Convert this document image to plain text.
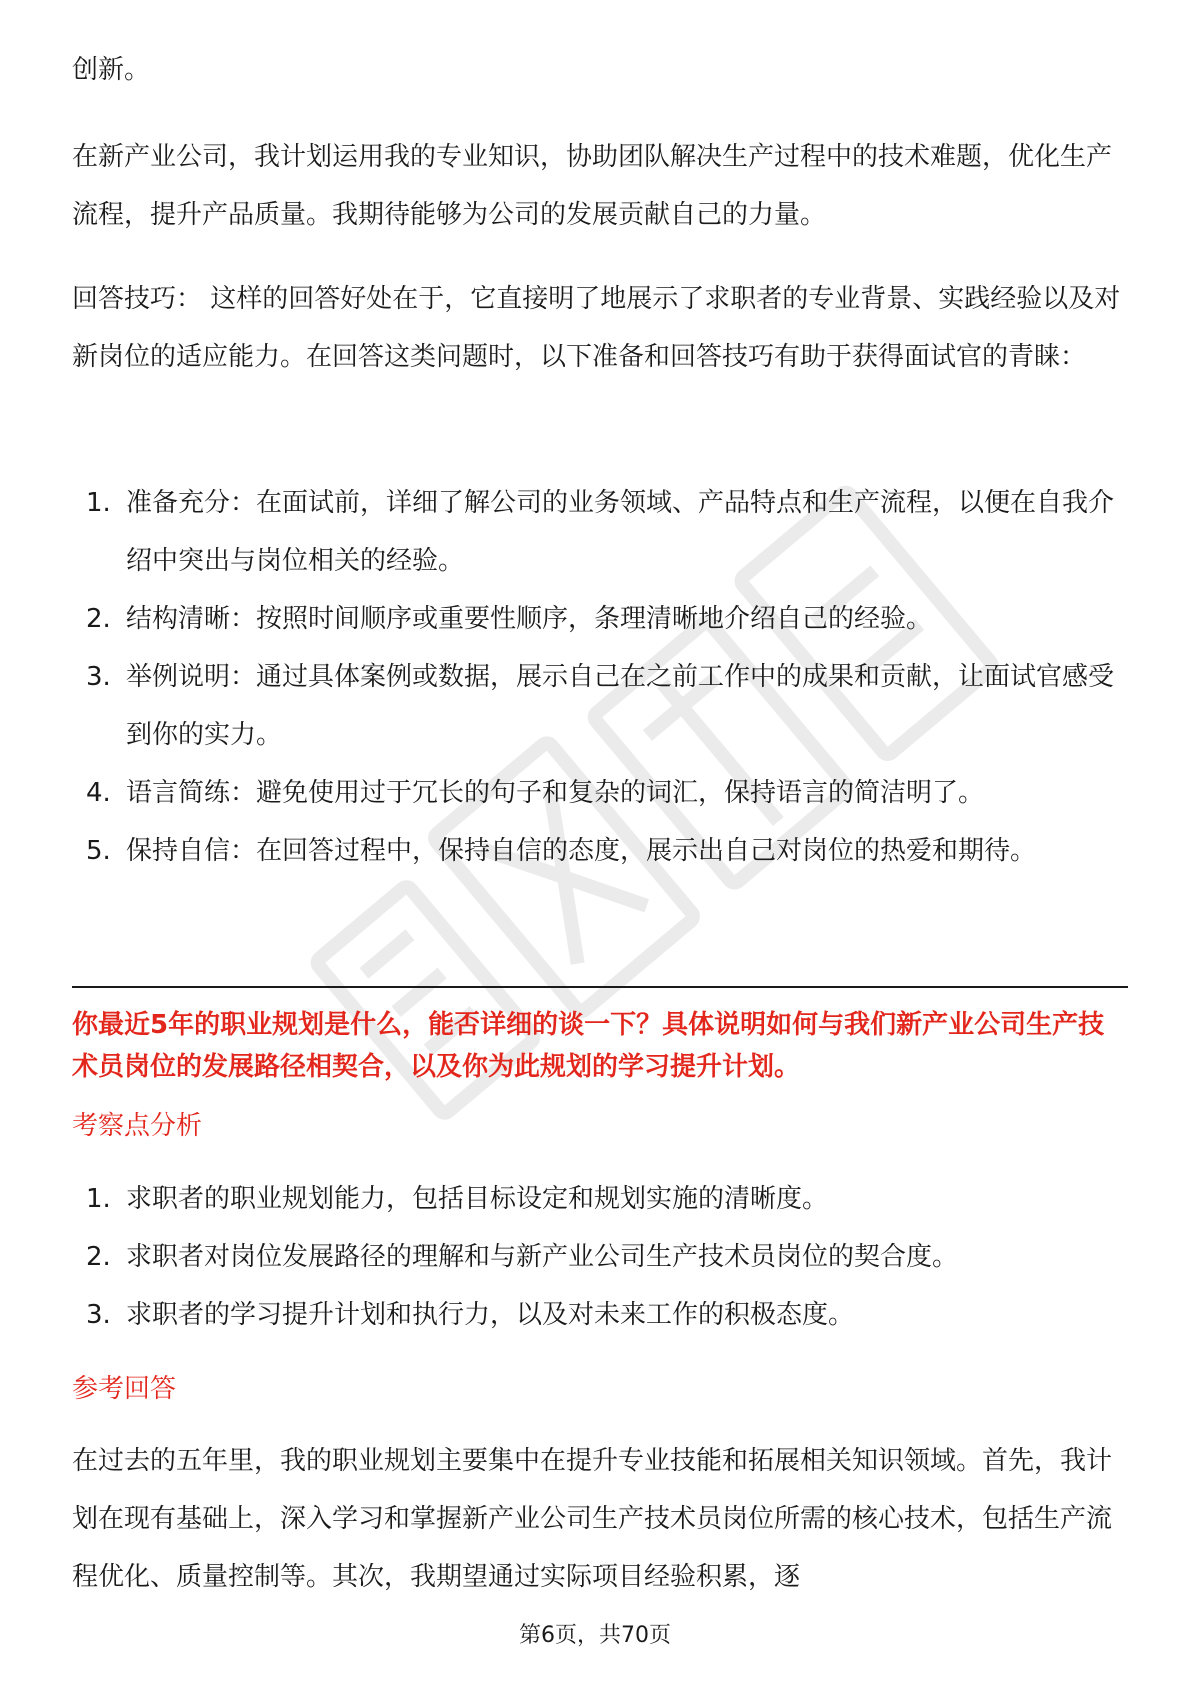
创新。

在新产业公司，我计划运用我的专业知识，协助团队解决生产过程中的技术难题，优化生产流程，提升产品质量。我期待能够为公司的发展贡献自己的力量。

回答技巧： 这样的回答好处在于，它直接明了地展示了求职者的专业背景、实践经验以及对新岗位的适应能力。在回答这类问题时，以下准备和回答技巧有助于获得面试官的青睐：

1. 准备充分：在面试前，详细了解公司的业务领域、产品特点和生产流程，以便在自我介绍中突出与岗位相关的经验。
2. 结构清晰：按照时间顺序或重要性顺序，条理清晰地介绍自己的经验。
3. 举例说明：通过具体案例或数据，展示自己在之前工作中的成果和贡献，让面试官感受到你的实力。
4. 语言简练：避免使用过于冗长的句子和复杂的词汇，保持语言的简洁明了。
5. 保持自信：在回答过程中，保持自信的态度，展示出自己对岗位的热爱和期待。

你最近5年的职业规划是什么，能否详细的谈一下？具体说明如何与我们新产业公司生产技术员岗位的发展路径相契合，以及你为此规划的学习提升计划。

考察点分析
1. 求职者的职业规划能力，包括目标设定和规划实施的清晰度。
2. 求职者对岗位发展路径的理解和与新产业公司生产技术员岗位的契合度。
3. 求职者的学习提升计划和执行力，以及对未来工作的积极态度。
参考回答

在过去的五年里，我的职业规划主要集中在提升专业技能和拓展相关知识领域。首先，我计划在现有基础上，深入学习和掌握新产业公司生产技术员岗位所需的核心技术，包括生产流程优化、质量控制等。其次，我期望通过实际项目经验积累，逐

第6页，共70页
